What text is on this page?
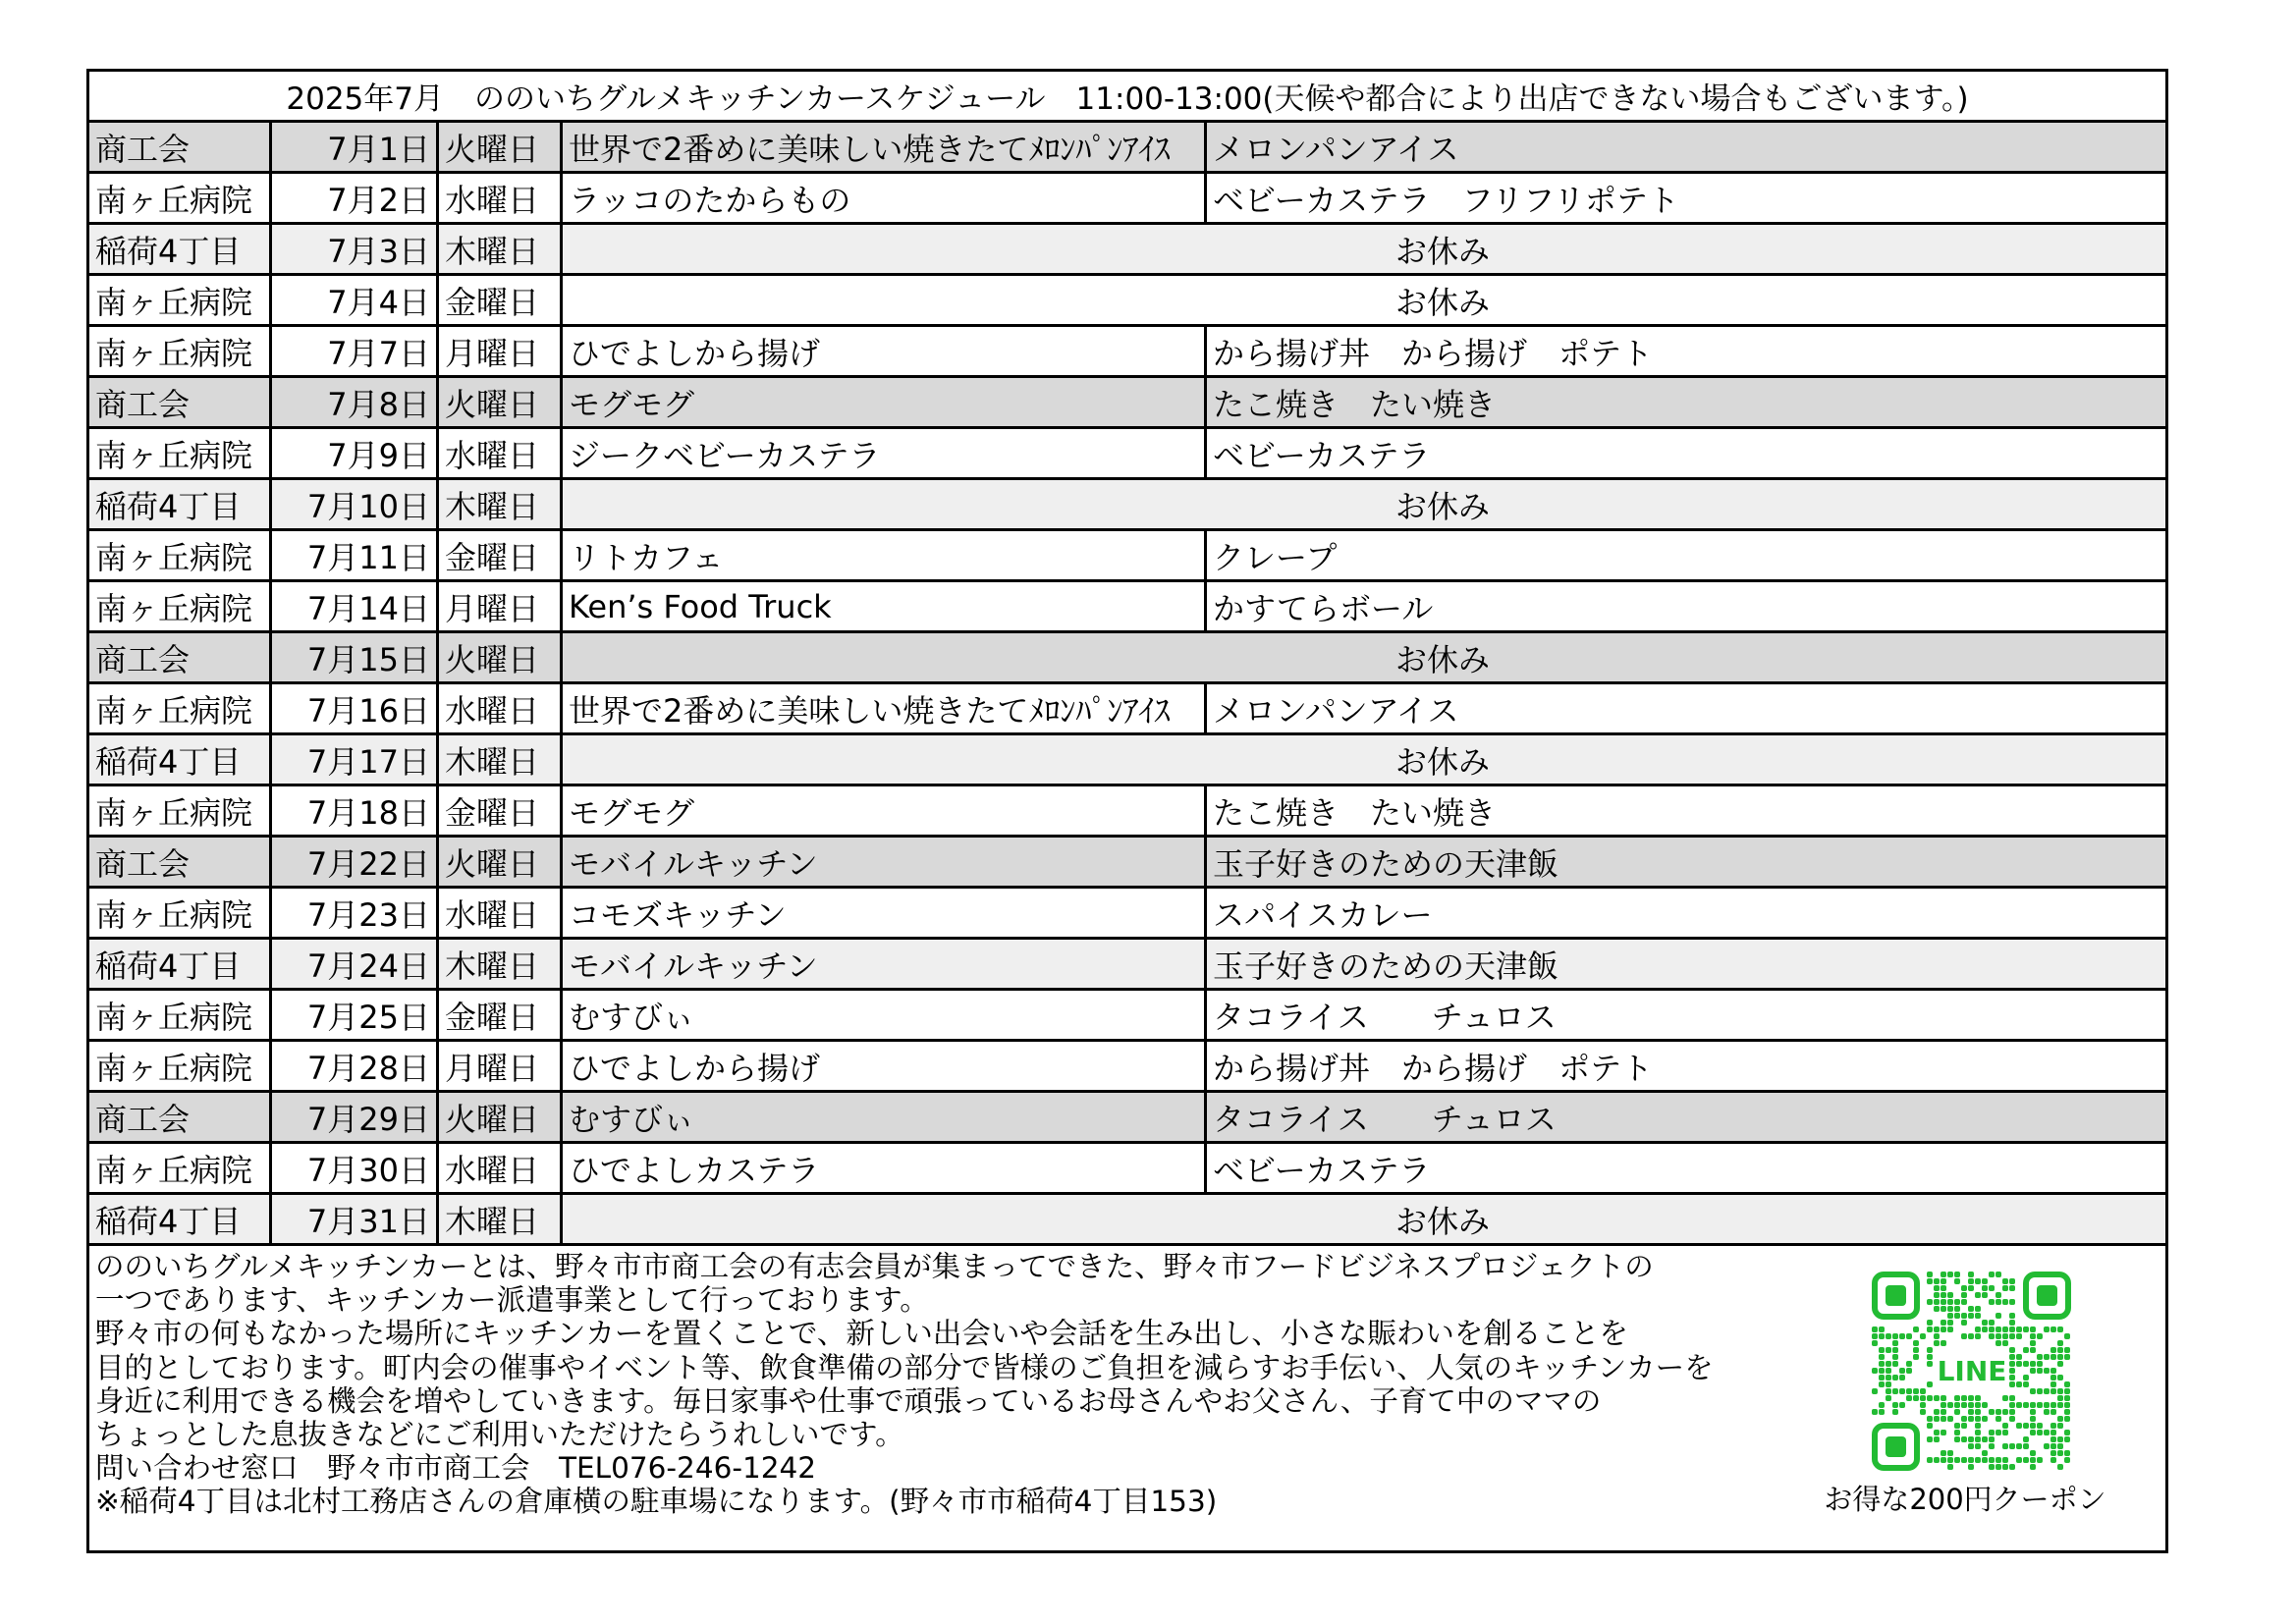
2025年7月　ののいちグルメキッチンカースケジュール　11:00-13:00(天候や都合により出店できない場合もございます。)
商工会	7月1日 火曜日 世界で2番めに美味しい焼きたてﾒﾛﾝﾊﾟﾝｱｲｽ	メロンパンアイス
南ヶ丘病院	7月2日 水曜日 ラッコのたからもの	ベビーカステラ　フリフリポテト
稲荷4丁目	7月3日 木曜日	お休み
南ヶ丘病院	7月4日 金曜日	お休み
南ヶ丘病院	7月7日 月曜日 ひでよしから揚げ	から揚げ丼　から揚げ　ポテト
商工会	7月8日 火曜日 モグモグ	たこ焼き　たい焼き
南ヶ丘病院	7月9日 水曜日 ジークベビーカステラ	ベビーカステラ
稲荷4丁目	7月10日 木曜日	お休み
南ヶ丘病院	7月11日 金曜日 リトカフェ	クレープ
南ヶ丘病院	7月14日 月曜日 Ken’s Food Truck	かすてらボール
商工会	7月15日 火曜日	お休み
南ヶ丘病院	7月16日 水曜日 世界で2番めに美味しい焼きたてﾒﾛﾝﾊﾟﾝｱｲｽ	メロンパンアイス
稲荷4丁目	7月17日 木曜日	お休み
南ヶ丘病院	7月18日 金曜日 モグモグ	たこ焼き　たい焼き
商工会	7月22日 火曜日 モバイルキッチン	玉子好きのための天津飯
南ヶ丘病院	7月23日 水曜日 コモズキッチン	スパイスカレー
稲荷4丁目	7月24日 木曜日 モバイルキッチン	玉子好きのための天津飯
南ヶ丘病院	7月25日 金曜日 むすびぃ	タコライス　　チュロス
南ヶ丘病院	7月28日 月曜日 ひでよしから揚げ	から揚げ丼　から揚げ　ポテト
商工会	7月29日 火曜日 むすびぃ	タコライス　　チュロス
南ヶ丘病院	7月30日 水曜日 ひでよしカステラ	ベビーカステラ
稲荷4丁目	7月31日 木曜日	お休み
ののいちグルメキッチンカーとは、野々市市商工会の有志会員が集まってできた、野々市フードビジネスプロジェクトの
一つであります、キッチンカー派遣事業として行っております。
野々市の何もなかった場所にキッチンカーを置くことで、新しい出会いや会話を生み出し、小さな賑わいを創ることを
目的としております。町内会の催事やイベント等、飲食準備の部分で皆様のご負担を減らすお手伝い、人気のキッチンカーを
身近に利用できる機会を増やしていきます。毎日家事や仕事で頑張っているお母さんやお父さん、子育て中のママの
ちょっとした息抜きなどにご利用いただけたらうれしいです。
問い合わせ窓口　野々市市商工会　TEL076-246-1242
※稲荷4丁目は北村工務店さんの倉庫横の駐車場になります。(野々市市稲荷4丁目153)
LINE
お得な200円クーポン
